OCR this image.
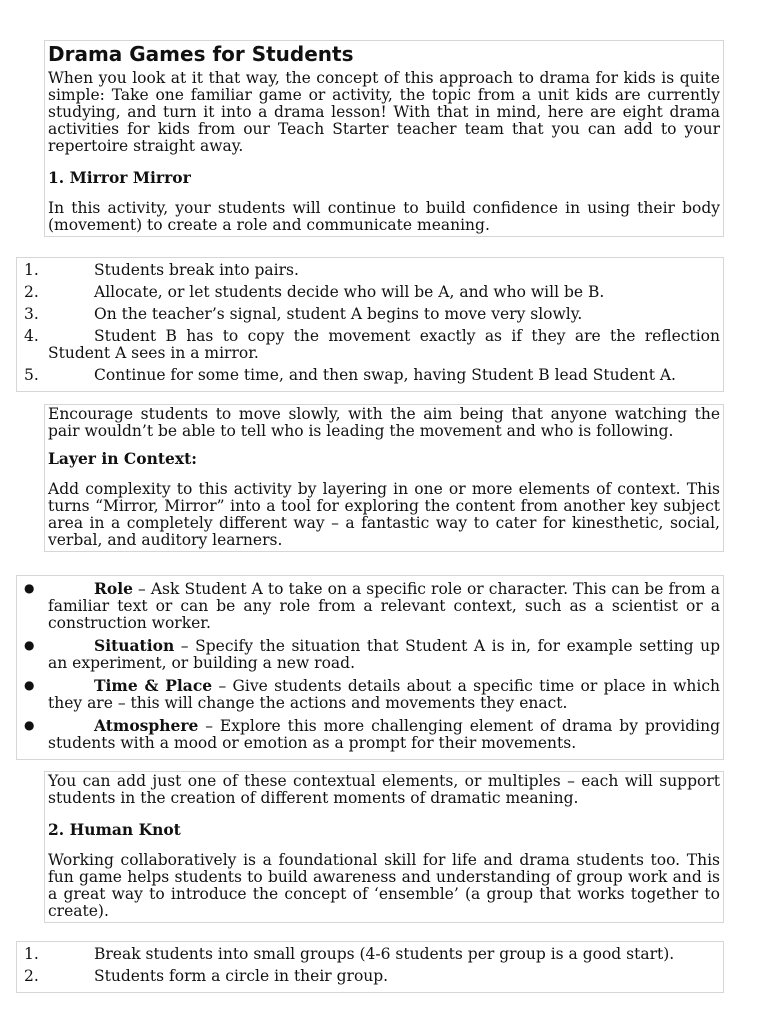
Drama Games for Students

When you look at it that way, the concept of this approach to drama for kids is quite simple: Take one familiar game or activity, the topic from a unit kids are currently studying, and turn it into a drama lesson! With that in mind, here are eight drama activities for kids from our Teach Starter teacher team that you can add to your repertoire straight away.

1. Mirror Mirror

In this activity, your students will continue to build confidence in using their body (movement) to create a role and communicate meaning.

1.	Students break into pairs.
2.	Allocate, or let students decide who will be A, and who will be B.
3.	On the teacher’s signal, student A begins to move very slowly.
4.	Student B has to copy the movement exactly as if they are the reflection Student A sees in a mirror.
5.	Continue for some time, and then swap, having Student B lead Student A.

Encourage students to move slowly, with the aim being that anyone watching the pair wouldn’t be able to tell who is leading the movement and who is following.

Layer in Context:

Add complexity to this activity by layering in one or more elements of context. This turns “Mirror, Mirror” into a tool for exploring the content from another key subject area in a completely different way – a fantastic way to cater for kinesthetic, social, verbal, and auditory learners.

●	Role – Ask Student A to take on a specific role or character. This can be from a familiar text or can be any role from a relevant context, such as a scientist or a construction worker.
●	Situation – Specify the situation that Student A is in, for example setting up an experiment, or building a new road.
●	Time & Place – Give students details about a specific time or place in which they are – this will change the actions and movements they enact.
●	Atmosphere – Explore this more challenging element of drama by providing students with a mood or emotion as a prompt for their movements.

You can add just one of these contextual elements, or multiples – each will support students in the creation of different moments of dramatic meaning.

2. Human Knot

Working collaboratively is a foundational skill for life and drama students too. This fun game helps students to build awareness and understanding of group work and is a great way to introduce the concept of ‘ensemble’ (a group that works together to create).

1.	Break students into small groups (4-6 students per group is a good start).
2.	Students form a circle in their group.
